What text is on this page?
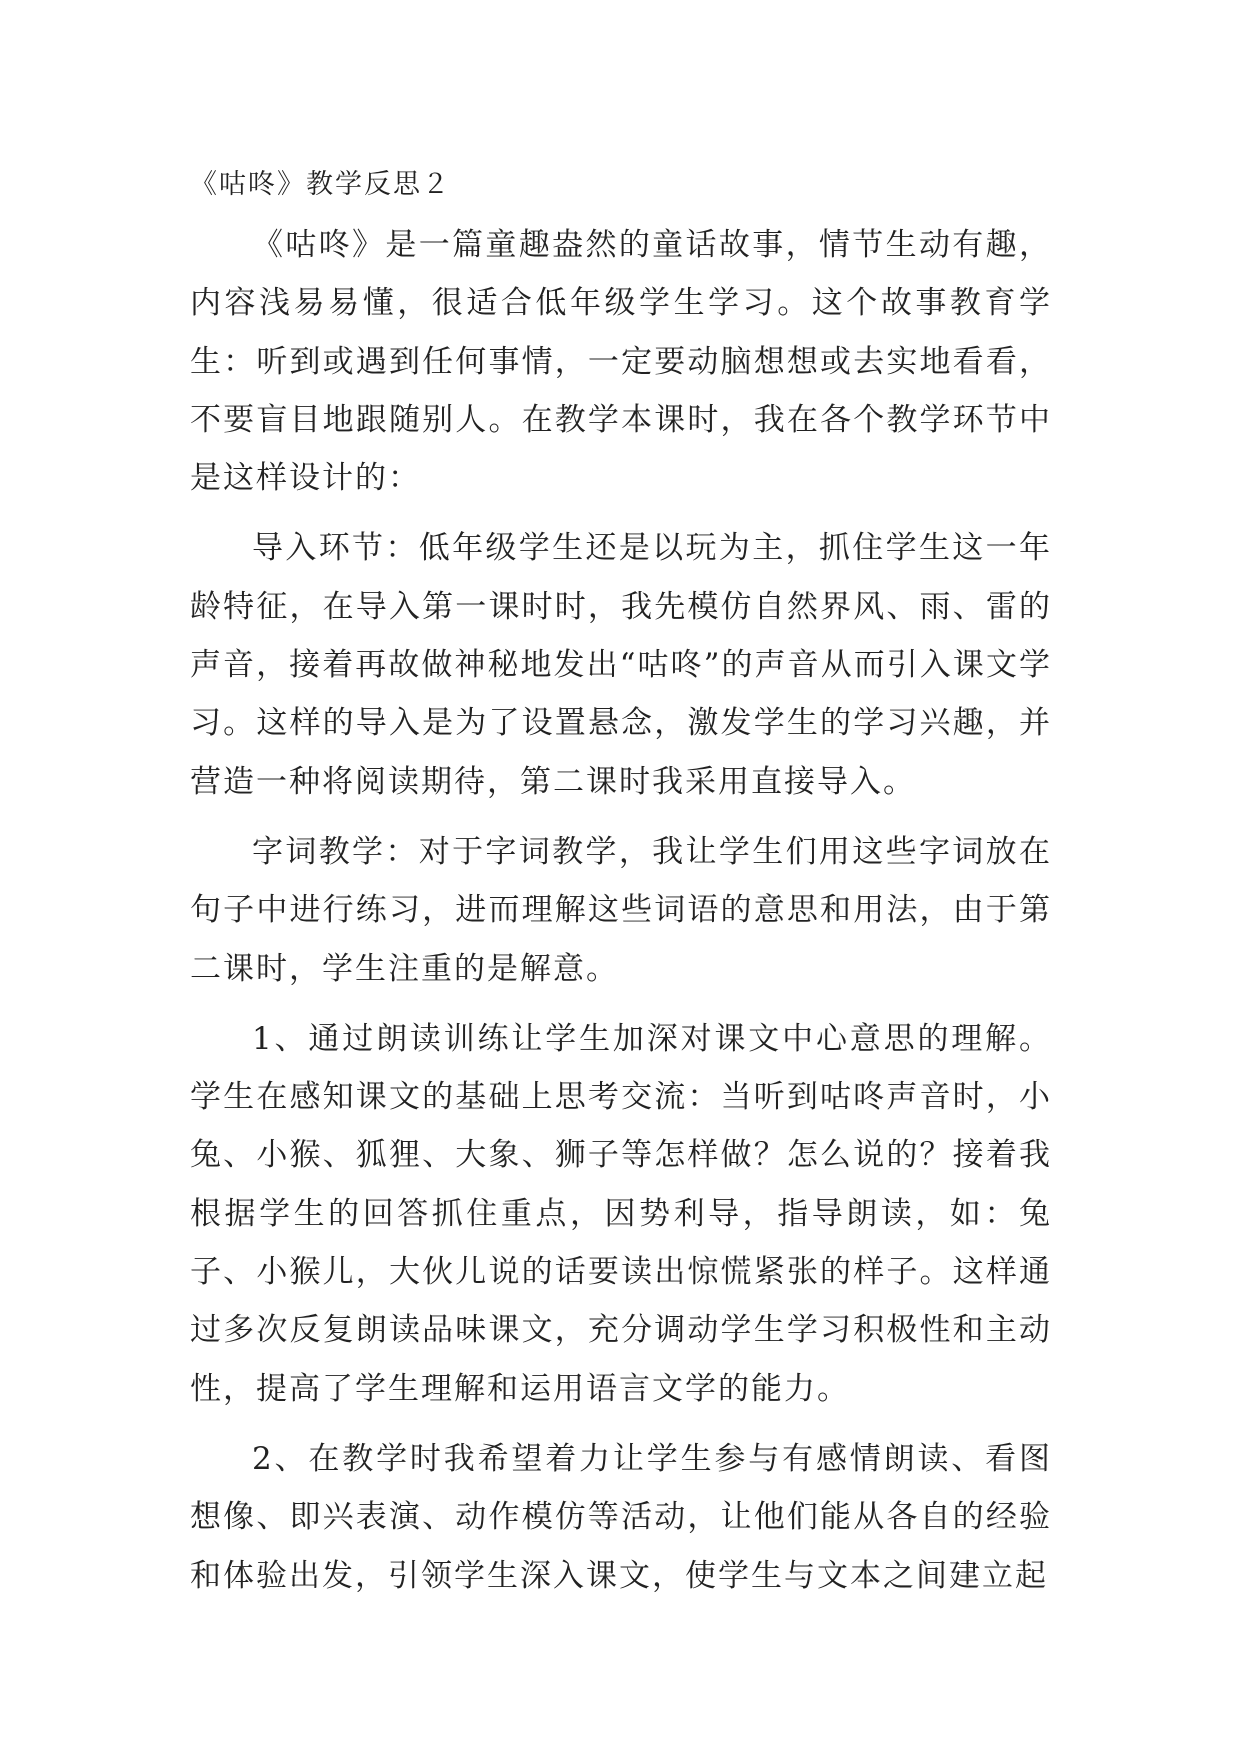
《咕咚》教学反思２

《咕咚》是一篇童趣盎然的童话故事，情节生动有趣，内容浅易易懂，很适合低年级学生学习。这个故事教育学生：听到或遇到任何事情，一定要动脑想想或去实地看看，不要盲目地跟随别人。在教学本课时，我在各个教学环节中是这样设计的：

导入环节：低年级学生还是以玩为主，抓住学生这一年龄特征，在导入第一课时时，我先模仿自然界风、雨、雷的声音，接着再故做神秘地发出“咕咚”的声音从而引入课文学习。这样的导入是为了设置悬念，激发学生的学习兴趣，并营造一种将阅读期待，第二课时我采用直接导入。

字词教学：对于字词教学，我让学生们用这些字词放在句子中进行练习，进而理解这些词语的意思和用法，由于第二课时，学生注重的是解意。

1、通过朗读训练让学生加深对课文中心意思的理解。学生在感知课文的基础上思考交流：当听到咕咚声音时，小兔、小猴、狐狸、大象、狮子等怎样做？怎么说的？接着我根据学生的回答抓住重点，因势利导，指导朗读，如：兔子、小猴儿，大伙儿说的话要读出惊慌紧张的样子。这样通过多次反复朗读品味课文，充分调动学生学习积极性和主动性，提高了学生理解和运用语言文学的能力。

2、在教学时我希望着力让学生参与有感情朗读、看图想像、即兴表演、动作模仿等活动，让他们能从各自的经验和体验出发，引领学生深入课文，使学生与文本之间建立起
